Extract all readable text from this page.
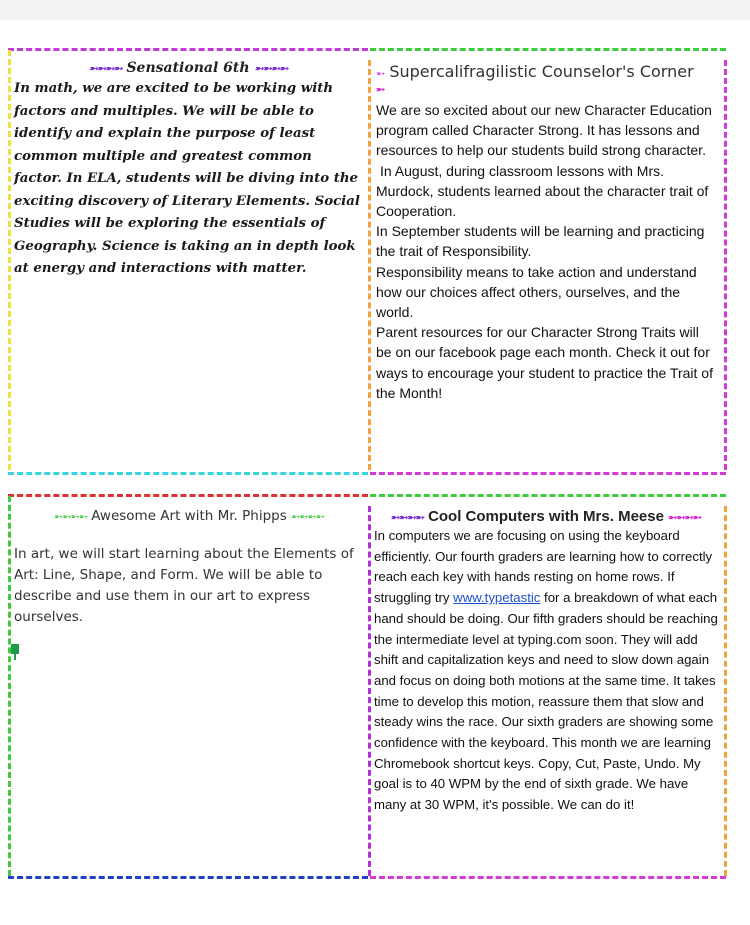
➵➵➵➵ Sensational 6th ➵➵➵➵
In math, we are excited to be working with factors and multiples. We will be able to identify and explain the purpose of least common multiple and greatest common factor. In ELA, students will be diving into the exciting discovery of Literary Elements. Social Studies will be exploring the essentials of Geography. Science is taking an in depth look at energy and interactions with matter.
➵ Supercalifragilistic Counselor's Corner
➵
We are so excited about our new Character Education program called Character Strong. It has lessons and resources to help our students build strong character.
In August, during classroom lessons with Mrs. Murdock, students learned about the character trait of Cooperation.
In September students will be learning and practicing the trait of Responsibility.
Responsibility means to take action and understand how our choices affect others, ourselves, and the world.
Parent resources for our Character Strong Traits will be on our facebook page each month. Check it out for ways to encourage your student to practice the Trait of the Month!
➵➵➵➵ Awesome Art with Mr. Phipps ➵➵➵➵
In art, we will start learning about the Elements of Art: Line, Shape, and Form. We will be able to describe and use them in our art to express ourselves.
➵➵➵➵ Cool Computers with Mrs. Meese ➵➵➵➵
In computers we are focusing on using the keyboard efficiently. Our fourth graders are learning how to correctly reach each key with hands resting on home rows. If struggling try www.typetastic for a breakdown of what each hand should be doing. Our fifth graders should be reaching the intermediate level at typing.com soon. They will add shift and capitalization keys and need to slow down again and focus on doing both motions at the same time. It takes time to develop this motion, reassure them that slow and steady wins the race. Our sixth graders are showing some confidence with the keyboard. This month we are learning Chromebook shortcut keys. Copy, Cut, Paste, Undo. My goal is to 40 WPM by the end of sixth grade. We have many at 30 WPM, it's possible. We can do it!
